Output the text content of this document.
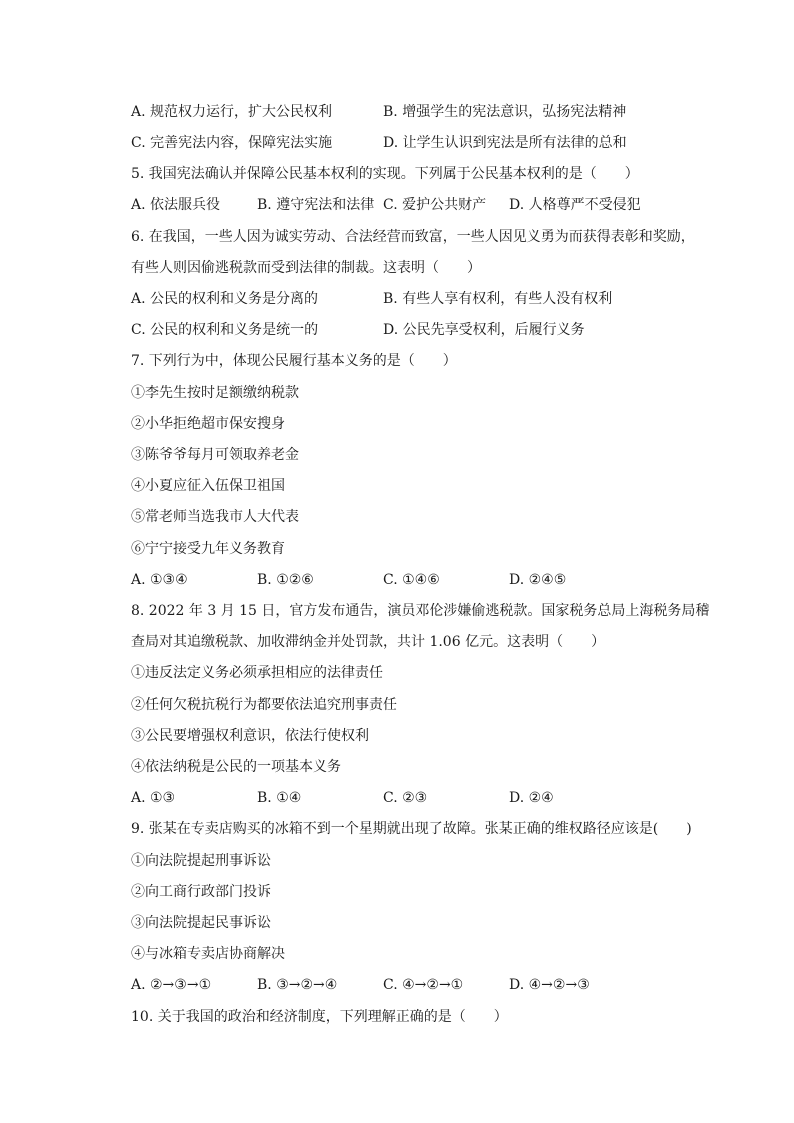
A. 规范权力运行，扩大公民权利	B. 增强学生的宪法意识，弘扬宪法精神
C. 完善宪法内容，保障宪法实施	D. 让学生认识到宪法是所有法律的总和
5. 我国宪法确认并保障公民基本权利的实现。下列属于公民基本权利的是（　　）
A. 依法服兵役	B. 遵守宪法和法律 C. 爱护公共财产 D. 人格尊严不受侵犯
6. 在我国，一些人因为诚实劳动、合法经营而致富，一些人因见义勇为而获得表彰和奖励，
有些人则因偷逃税款而受到法律的制裁。这表明（　　）
A. 公民的权利和义务是分离的	B. 有些人享有权利，有些人没有权利
C. 公民的权利和义务是统一的	D. 公民先享受权利，后履行义务
7. 下列行为中，体现公民履行基本义务的是（　　）
①李先生按时足额缴纳税款
②小华拒绝超市保安搜身
③陈爷爷每月可领取养老金
④小夏应征入伍保卫祖国
⑤常老师当选我市人大代表
⑥宁宁接受九年义务教育
A. ①③④	B. ①②⑥	C. ①④⑥	D. ②④⑤
8. 2022 年 3 月 15 日，官方发布通告，演员邓伦涉嫌偷逃税款。国家税务总局上海税务局稽
查局对其追缴税款、加收滞纳金并处罚款，共计 1.06 亿元。这表明（　　）
①违反法定义务必须承担相应的法律责任
②任何欠税抗税行为都要依法追究刑事责任
③公民要增强权利意识，依法行使权利
④依法纳税是公民的一项基本义务
A. ①③	B. ①④	C. ②③	D. ②④
9. 张某在专卖店购买的冰箱不到一个星期就出现了故障。张某正确的维权路径应该是(　　)
①向法院提起刑事诉讼
②向工商行政部门投诉
③向法院提起民事诉讼
④与冰箱专卖店协商解决
A. ②→③→①	B. ③→②→④	C. ④→②→①	D. ④→②→③
10. 关于我国的政治和经济制度，下列理解正确的是（　　）
